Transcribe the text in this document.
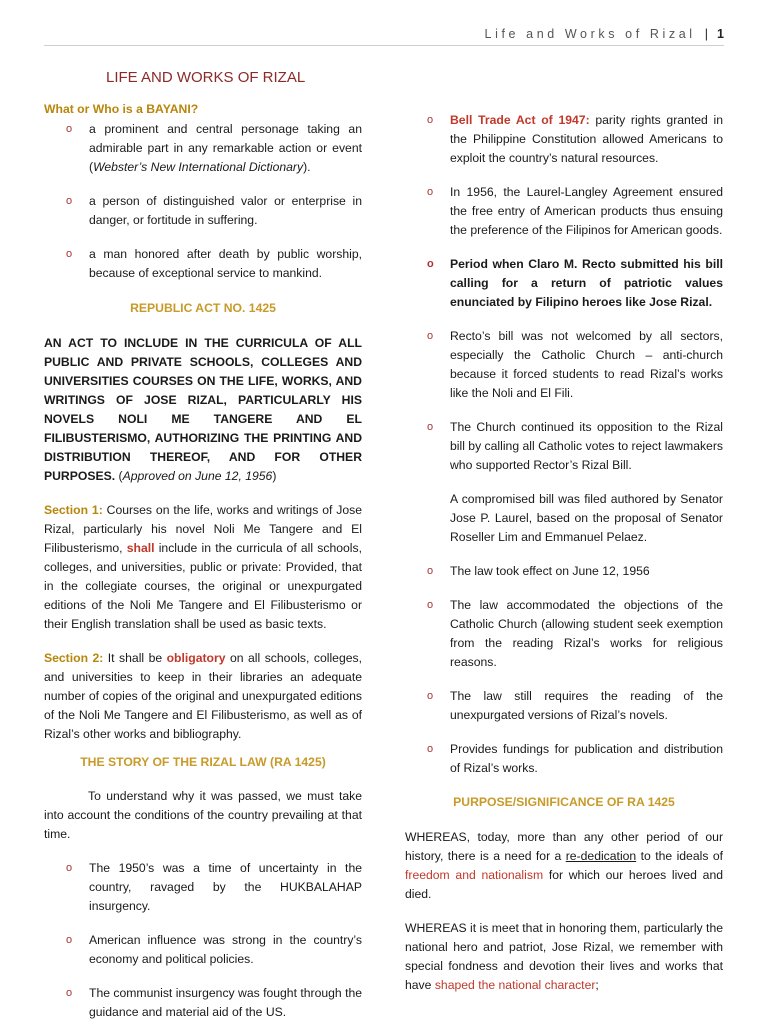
Life and Works of Rizal | 1
LIFE AND WORKS OF RIZAL
What or Who is a BAYANI?
o a prominent and central personage taking an admirable part in any remarkable action or event (Webster’s New International Dictionary).
o a person of distinguished valor or enterprise in danger, or fortitude in suffering.
o a man honored after death by public worship, because of exceptional service to mankind.
REPUBLIC ACT NO. 1425
AN ACT TO INCLUDE IN THE CURRICULA OF ALL PUBLIC AND PRIVATE SCHOOLS, COLLEGES AND UNIVERSITIES COURSES ON THE LIFE, WORKS, AND WRITINGS OF JOSE RIZAL, PARTICULARLY HIS NOVELS NOLI ME TANGERE AND EL FILIBUSTERISMO, AUTHORIZING THE PRINTING AND DISTRIBUTION THEREOF, AND FOR OTHER PURPOSES. (Approved on June 12, 1956)
Section 1: Courses on the life, works and writings of Jose Rizal, particularly his novel Noli Me Tangere and El Filibusterismo, shall include in the curricula of all schools, colleges, and universities, public or private: Provided, that in the collegiate courses, the original or unexpurgated editions of the Noli Me Tangere and El Filibusterismo or their English translation shall be used as basic texts.
Section 2: It shall be obligatory on all schools, colleges, and universities to keep in their libraries an adequate number of copies of the original and unexpurgated editions of the Noli Me Tangere and El Filibusterismo, as well as of Rizal’s other works and bibliography.
THE STORY OF THE RIZAL LAW (RA 1425)
To understand why it was passed, we must take into account the conditions of the country prevailing at that time.
o The 1950’s was a time of uncertainty in the country, ravaged by the HUKBALAHAP insurgency.
o American influence was strong in the country’s economy and political policies.
o The communist insurgency was fought through the guidance and material aid of the US.
o Bell Trade Act of 1947: parity rights granted in the Philippine Constitution allowed Americans to exploit the country’s natural resources.
o In 1956, the Laurel-Langley Agreement ensured the free entry of American products thus ensuing the preference of the Filipinos for American goods.
o Period when Claro M. Recto submitted his bill calling for a return of patriotic values enunciated by Filipino heroes like Jose Rizal.
o Recto’s bill was not welcomed by all sectors, especially the Catholic Church – anti-church because it forced students to read Rizal’s works like the Noli and El Fili.
o The Church continued its opposition to the Rizal bill by calling all Catholic votes to reject lawmakers who supported Rector’s Rizal Bill.
A compromised bill was filed authored by Senator Jose P. Laurel, based on the proposal of Senator Roseller Lim and Emmanuel Pelaez.
o The law took effect on June 12, 1956
o The law accommodated the objections of the Catholic Church (allowing student seek exemption from the reading Rizal’s works for religious reasons.
o The law still requires the reading of the unexpurgated versions of Rizal’s novels.
o Provides fundings for publication and distribution of Rizal’s works.
PURPOSE/SIGNIFICANCE OF RA 1425
WHEREAS, today, more than any other period of our history, there is a need for a re-dedication to the ideals of freedom and nationalism for which our heroes lived and died.
WHEREAS it is meet that in honoring them, particularly the national hero and patriot, Jose Rizal, we remember with special fondness and devotion their lives and works that have shaped the national character;
